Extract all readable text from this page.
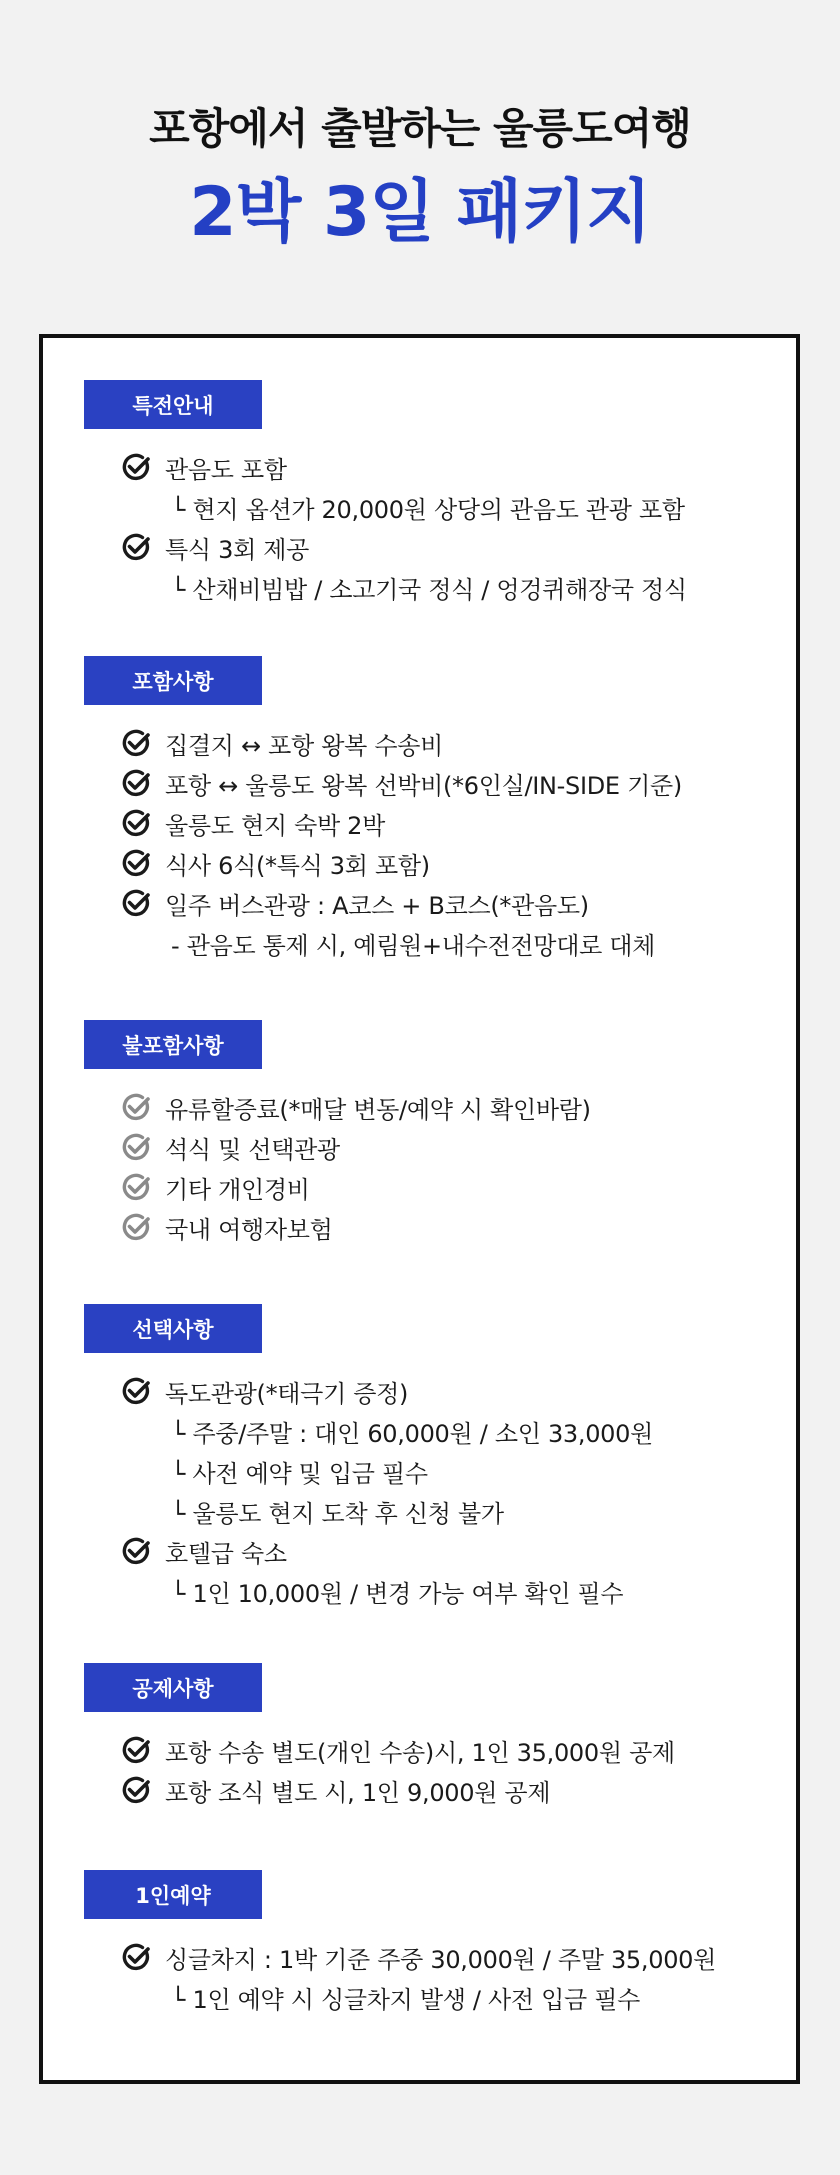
포항에서 출발하는 울릉도여행
2박 3일 패키지
특전안내
관음도 포함
└ 현지 옵션가 20,000원 상당의 관음도 관광 포함
특식 3회 제공
└ 산채비빔밥 / 소고기국 정식 / 엉겅퀴해장국 정식
포함사항
집결지 ↔ 포항 왕복 수송비
포항 ↔ 울릉도 왕복 선박비(*6인실/IN-SIDE 기준)
울릉도 현지 숙박 2박
식사 6식(*특식 3회 포함)
일주 버스관광 : A코스 + B코스(*관음도)
- 관음도 통제 시, 예림원+내수전전망대로 대체
불포함사항
유류할증료(*매달 변동/예약 시 확인바람)
석식 및 선택관광
기타 개인경비
국내 여행자보험
선택사항
독도관광(*태극기 증정)
└ 주중/주말 : 대인 60,000원 / 소인 33,000원
└ 사전 예약 및 입금 필수
└ 울릉도 현지 도착 후 신청 불가
호텔급 숙소
└ 1인 10,000원 / 변경 가능 여부 확인 필수
공제사항
포항 수송 별도(개인 수송)시, 1인 35,000원 공제
포항 조식 별도 시, 1인 9,000원 공제
1인예약
싱글차지 : 1박 기준 주중 30,000원 / 주말 35,000원
└ 1인 예약 시 싱글차지 발생 / 사전 입금 필수
